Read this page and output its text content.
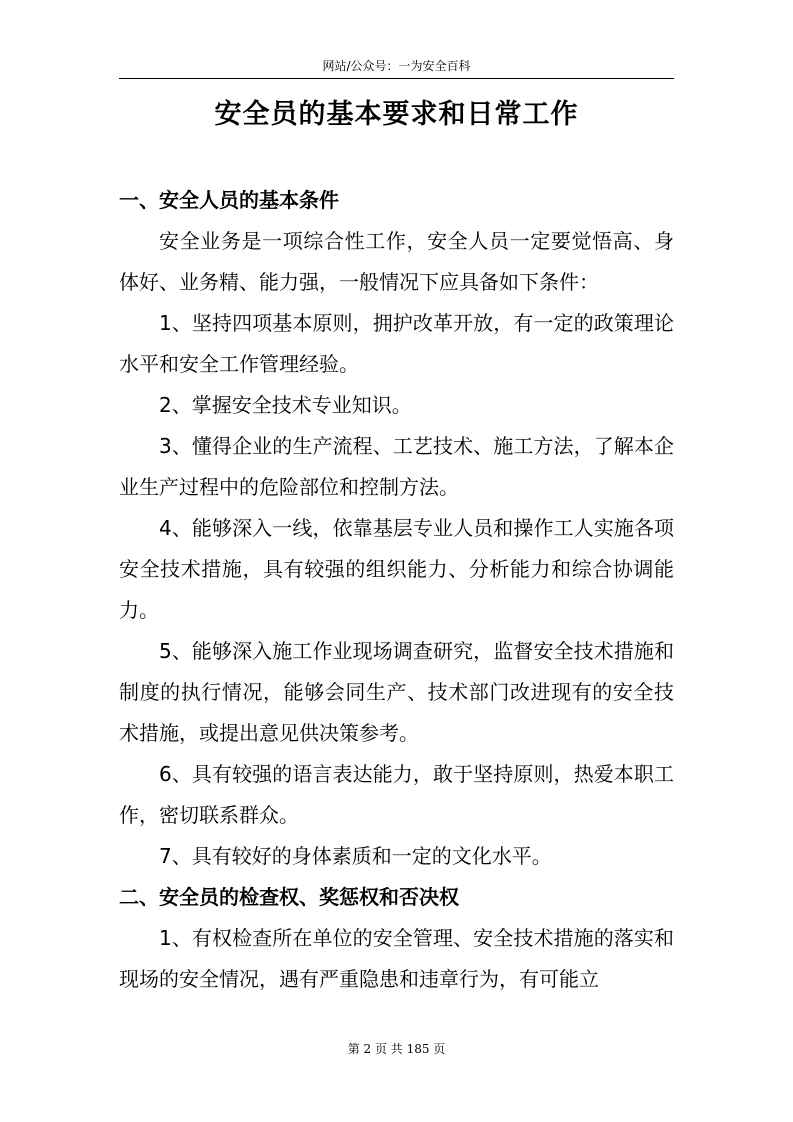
网站/公众号：一为安全百科
安全员的基本要求和日常工作

一、安全人员的基本条件

安全业务是一项综合性工作，安全人员一定要觉悟高、身体好、业务精、能力强，一般情况下应具备如下条件：

1、坚持四项基本原则，拥护改革开放，有一定的政策理论水平和安全工作管理经验。

2、掌握安全技术专业知识。

3、懂得企业的生产流程、工艺技术、施工方法，了解本企业生产过程中的危险部位和控制方法。

4、能够深入一线，依靠基层专业人员和操作工人实施各项安全技术措施，具有较强的组织能力、分析能力和综合协调能力。

5、能够深入施工作业现场调查研究，监督安全技术措施和制度的执行情况，能够会同生产、技术部门改进现有的安全技术措施，或提出意见供决策参考。

6、具有较强的语言表达能力，敢于坚持原则，热爱本职工作，密切联系群众。

7、具有较好的身体素质和一定的文化水平。

二、安全员的检查权、奖惩权和否决权

1、有权检查所在单位的安全管理、安全技术措施的落实和现场的安全情况，遇有严重隐患和违章行为，有可能立

第 2 页 共 185 页
